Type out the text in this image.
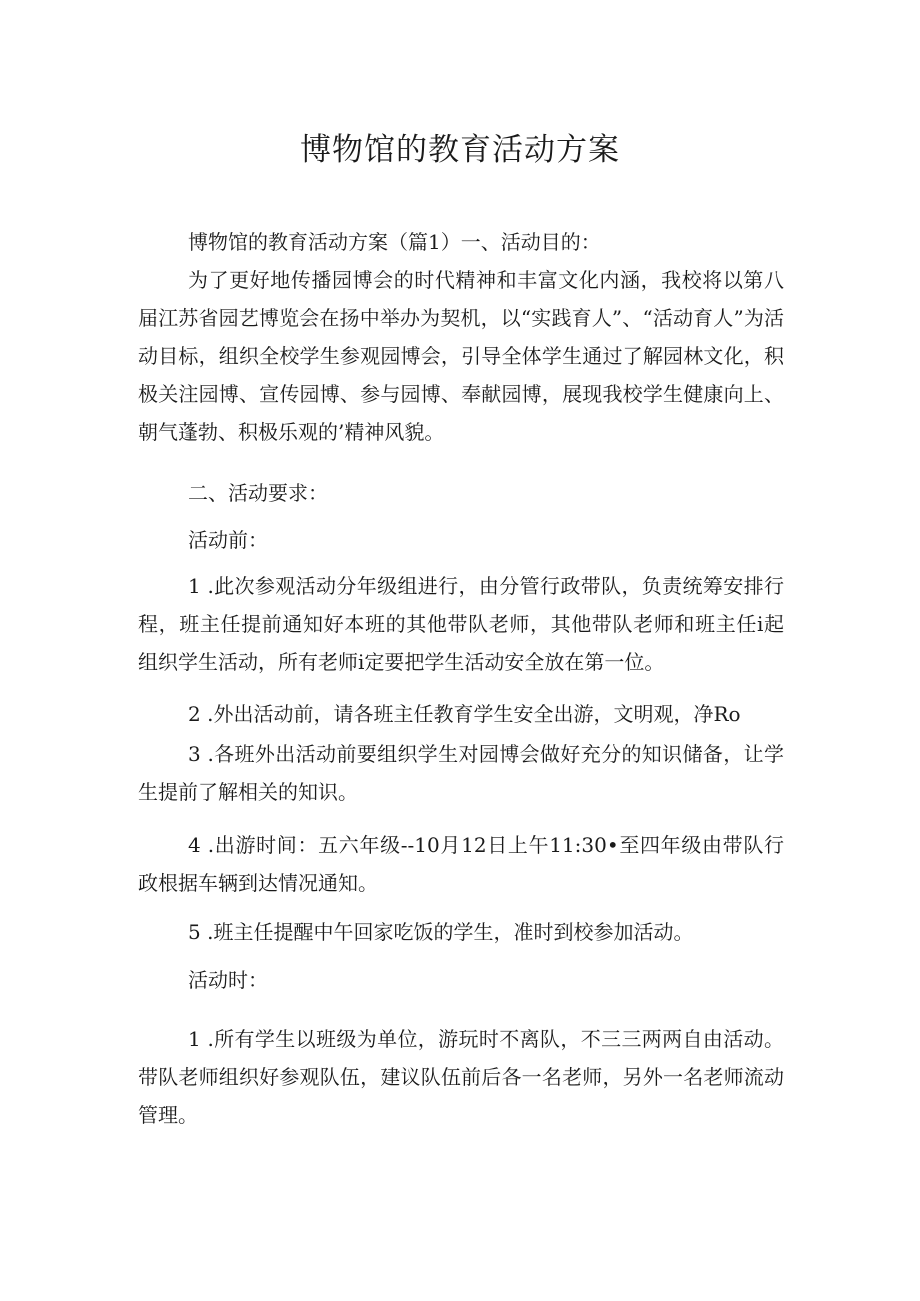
博物馆的教育活动方案

博物馆的教育活动方案（篇1）一、活动目的：

为了更好地传播园博会的时代精神和丰富文化内涵，我校将以第八届江苏省园艺博览会在扬中举办为契机，以“实践育人”、“活动育人”为活动目标，组织全校学生参观园博会，引导全体学生通过了解园林文化，积极关注园博、宣传园博、参与园博、奉献园博，展现我校学生健康向上、朝气蓬勃、积极乐观的’精神风貌。

二、活动要求：

活动前：

1 .此次参观活动分年级组进行，由分管行政带队，负责统筹安排行程，班主任提前通知好本班的其他带队老师，其他带队老师和班主任i起组织学生活动，所有老师i定要把学生活动安全放在第一位。

2 .外出活动前，请各班主任教育学生安全出游，文明观，净Ro

3 .各班外出活动前要组织学生对园博会做好充分的知识储备，让学生提前了解相关的知识。

4 .出游时间：五六年级--10月12日上午11:30•至四年级由带队行政根据车辆到达情况通知。

5 .班主任提醒中午回家吃饭的学生，准时到校参加活动。

活动时：

1 .所有学生以班级为单位，游玩时不离队，不三三两两自由活动。带队老师组织好参观队伍，建议队伍前后各一名老师，另外一名老师流动管理。
